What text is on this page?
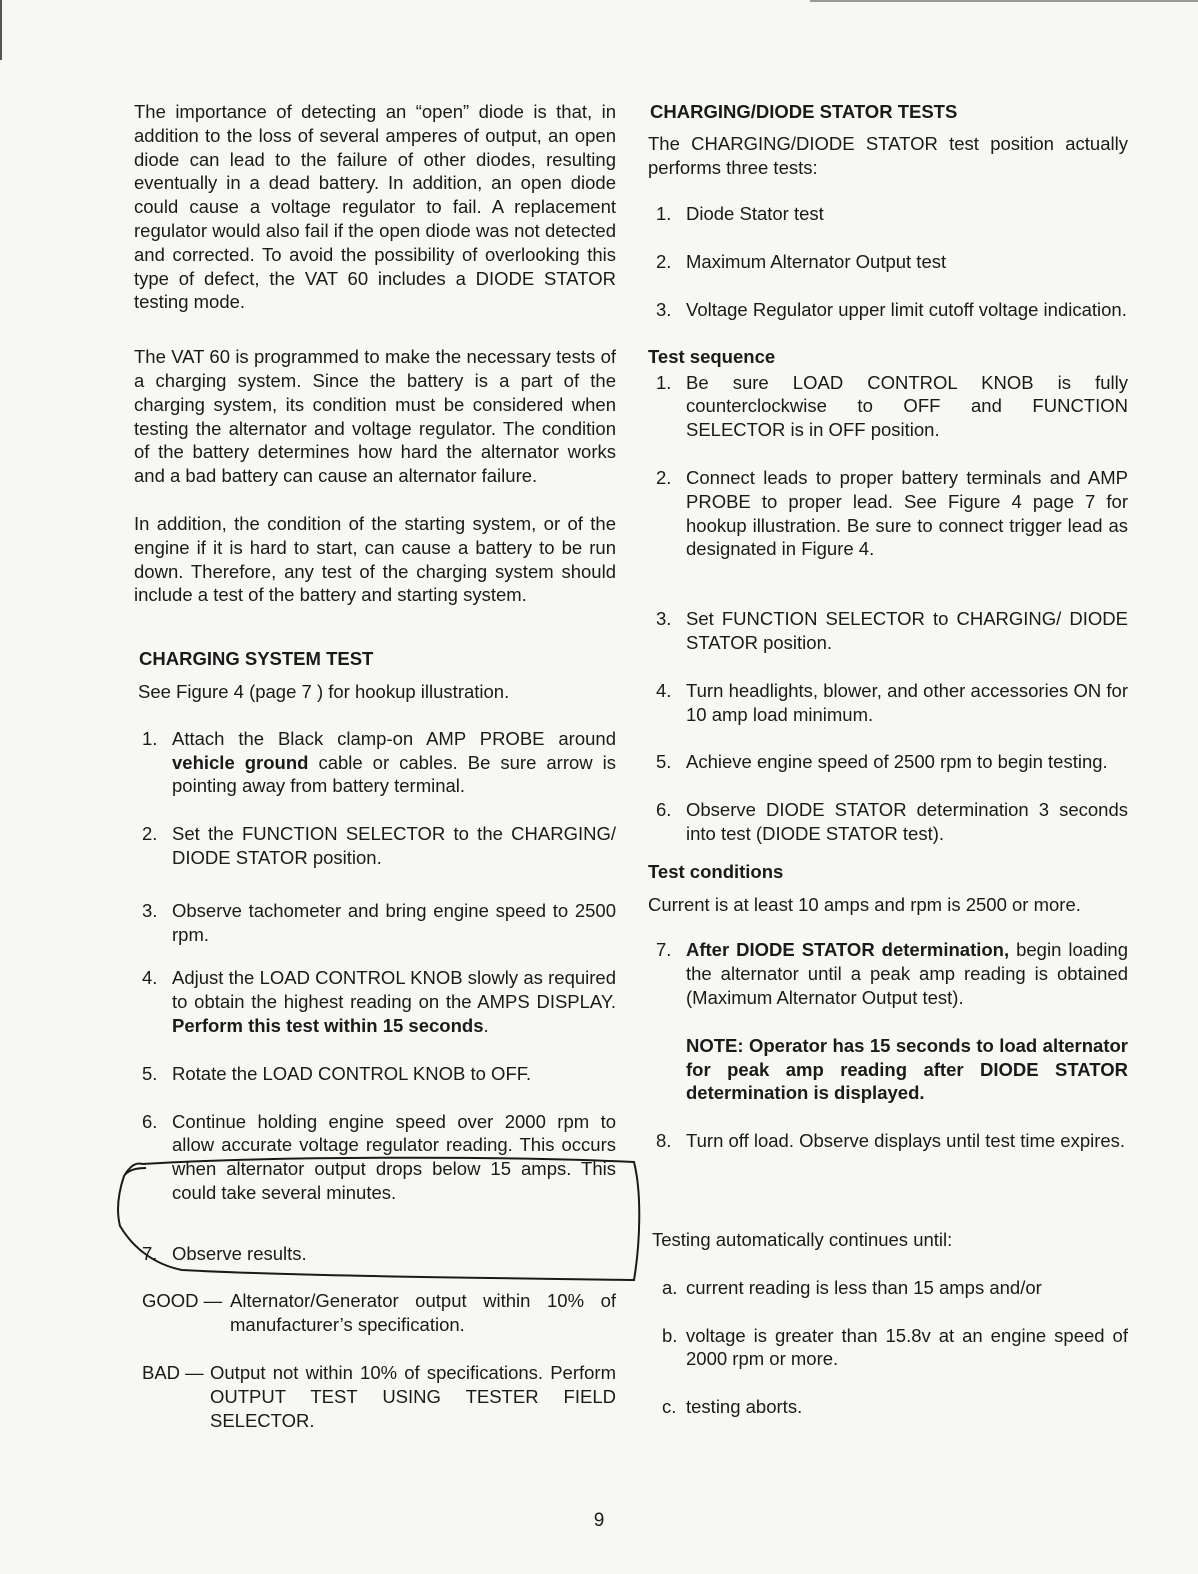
The importance of detecting an “open” diode is that, in addition to the loss of several amperes of output, an open diode can lead to the failure of other diodes, resulting eventually in a dead battery. In addition, an open diode could cause a voltage regulator to fail. A replacement regulator would also fail if the open diode was not detected and corrected. To avoid the possibility of overlooking this type of defect, the VAT 60 includes a DIODE STATOR testing mode.

The VAT 60 is programmed to make the necessary tests of a charging system. Since the battery is a part of the charging system, its condition must be considered when testing the alternator and voltage regulator. The condition of the battery determines how hard the alternator works and a bad battery can cause an alternator failure.

In addition, the condition of the starting system, or of the engine if it is hard to start, can cause a battery to be run down. Therefore, any test of the charging system should include a test of the battery and starting system.

CHARGING SYSTEM TEST

See Figure 4 (page 7 ) for hookup illustration.

1. Attach the Black clamp-on AMP PROBE around vehicle ground cable or cables. Be sure arrow is pointing away from battery terminal.
2. Set the FUNCTION SELECTOR to the CHARGING/ DIODE STATOR position.
3. Observe tachometer and bring engine speed to 2500 rpm.
4. Adjust the LOAD CONTROL KNOB slowly as required to obtain the highest reading on the AMPS DISPLAY. Perform this test within 15 seconds.
5. Rotate the LOAD CONTROL KNOB to OFF.
6. Continue holding engine speed over 2000 rpm to allow accurate voltage regulator reading. This occurs when alternator output drops below 15 amps. This could take several minutes.
7. Observe results.
GOOD — Alternator/Generator output within 10% of manufacturer’s specification.
BAD — Output not within 10% of specifications. Perform OUTPUT TEST USING TESTER FIELD SELECTOR.

CHARGING/DIODE STATOR TESTS

The CHARGING/DIODE STATOR test position actually performs three tests:

1. Diode Stator test
2. Maximum Alternator Output test
3. Voltage Regulator upper limit cutoff voltage indication.

Test sequence

1. Be sure LOAD CONTROL KNOB is fully counterclockwise to OFF and FUNCTION SELECTOR is in OFF position.
2. Connect leads to proper battery terminals and AMP PROBE to proper lead. See Figure 4 page 7 for hookup illustration. Be sure to connect trigger lead as designated in Figure 4.
3. Set FUNCTION SELECTOR to CHARGING/ DIODE STATOR position.
4. Turn headlights, blower, and other accessories ON for 10 amp load minimum.
5. Achieve engine speed of 2500 rpm to begin testing.
6. Observe DIODE STATOR determination 3 seconds into test (DIODE STATOR test).

Test conditions

Current is at least 10 amps and rpm is 2500 or more.

7. After DIODE STATOR determination, begin loading the alternator until a peak amp reading is obtained (Maximum Alternator Output test).

NOTE: Operator has 15 seconds to load alternator for peak amp reading after DIODE STATOR determination is displayed.

8. Turn off load. Observe displays until test time expires.

Testing automatically continues until:

a. current reading is less than 15 amps and/or
b. voltage is greater than 15.8v at an engine speed of 2000 rpm or more.
c. testing aborts.
9
